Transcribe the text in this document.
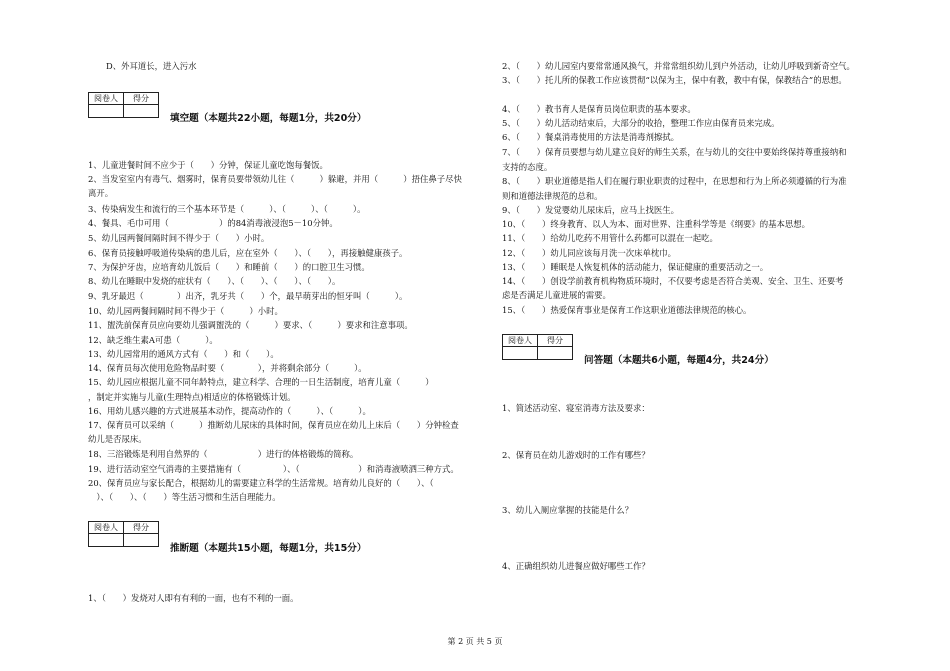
D、外耳道长，进入污水
阅卷人	得分

填空题（本题共22小题，每题1分，共20分）
1、儿童进餐时间不应少于（　　）分钟，保证儿童吃饱每餐饭。
2、当发室室内有毒气、烟雾时，保育员要带领幼儿往（　　　）躲避，并用（　　　）捂住鼻子尽快
离开。
3、传染病发生和流行的三个基本环节是（　　　）、（　　　）、（　　　）。
4、餐具、毛巾可用（　　　　　　）的84消毒液浸泡5－10分钟。
5、幼儿园两餐间隔时间不得少于（　　）小时。
6、保育员接触呼吸道传染病的患儿后，应在室外（　　）、（　　），再接触健康孩子。
7、为保护牙齿，应培育幼儿饭后（　　）和睡前（　　）的口腔卫生习惯。
8、幼儿在睡眠中发烧的症状有（　　）、（　　）、（　　）、（　　）。
9、乳牙最迟（　　　　）出齐，乳牙共（　　）个，最早萌芽出的恒牙叫（　　　）。
10、幼儿园两餐间隔时间不得少于（　　　）小时。
11、盥洗前保育员应向要幼儿强调盥洗的（　　　）要求、（　　　）要求和注意事项。
12、缺乏维生素A可患（　　　）。
13、幼儿园常用的通风方式有（　　）和（　　）。
14、保育员每次使用危险物品时要（　　　　），并将剩余部分（　　　）。
15、幼儿园应根据儿童不同年龄特点，建立科学、合理的一日生活制度，培育儿童（　　　）
，制定并实施与儿童(生理特点)相适应的体格锻炼计划。
16、用幼儿感兴趣的方式进展基本动作，提高动作的（　　　）、（　　　）。
17、保育员可以采纳（　　　）推断幼儿尿床的具体时间，保育员应在幼儿上床后（　　）分钟检查
幼儿是否尿床。
18、三浴锻炼是利用自然界的（　　　　　　）进行的体格锻炼的简称。
19、进行活动室空气消毒的主要措施有（　　　　　）、（　　　　　　　）和消毒液喷洒三种方式。
20、保育员应与家长配合，根据幼儿的需要建立科学的生活常规。培育幼儿良好的（　　）、（
　）、（　　）、（　　）等生活习惯和生活自理能力。
阅卷人	得分

推断题（本题共15小题，每题1分，共15分）
1、（　　）发烧对人即有有利的一面，也有不利的一面。
2、（　　）幼儿园室内要常常通风换气，并常常组织幼儿到户外活动，让幼儿呼吸到新奇空气。
3、（　　）托儿所的保教工作应该贯彻“以保为主，保中有教，教中有保，保教结合”的思想。
4、（　　）教书育人是保育员岗位职责的基本要求。
5、（　　）幼儿活动结束后，大部分的收拾，整理工作应由保育员来完成。
6、（　　）餐桌消毒使用的方法是消毒剂擦拭。
7、（　　）保育员要想与幼儿建立良好的师生关系，在与幼儿的交往中要始终保持尊重接纳和
支持的态度。
8、（　　）职业道德是指人们在履行职业职责的过程中，在思想和行为上所必须遵循的行为准
则和道德法律规范的总和。
9、（　　）发觉婴幼儿尿床后，应马上找医生。
10、（　　）终身教育、以人为本、面对世界、注重科学等是《纲要》的基本思想。
11、（　　）给幼儿吃药不用管什么药都可以混在一起吃。
12、（　　）幼儿同应该每月洗一次床单枕巾。
13、（　　）睡眠是人恢复机体的活动能力，保证健康的重要活动之一。
14、（　　）创设学前教育机构物质环境时，不仅要考虑是否符合美观、安全、卫生、还要考
虑是否满足儿童进展的需要。
15、（　　）热爱保育事业是保育工作这职业道德法律规范的核心。
阅卷人	得分

问答题（本题共6小题，每题4分，共24分）
1、简述活动室、寝室消毒方法及要求：
2、保育员在幼儿游戏时的工作有哪些？
3、幼儿入厕应掌握的技能是什么？
4、正确组织幼儿进餐应做好哪些工作？
第 2 页 共 5 页
